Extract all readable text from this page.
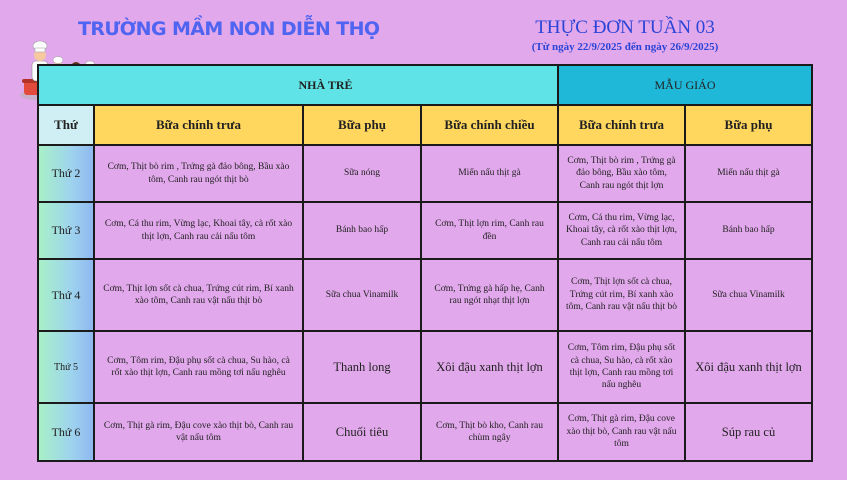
TRƯỜNG MẦM NON DIỄN THỌ	THỰC ĐƠN TUẦN 03
(Từ ngày 22/9/2025 đến ngày 26/9/2025)
	NHÀ TRẺ			MẪU GIÁO	
Thứ	Bữa chính trưa	Bữa phụ	Bữa chính chiều	Bữa chính trưa	Bữa phụ
Thứ 2	Cơm, Thịt bò rim , Trứng gà đảo bông, Bầu xào tôm, Canh rau ngót thịt bò	Sữa nóng	Miến nấu thịt gà	Cơm, Thịt bò rim , Trứng gà đảo bông, Bầu xào tôm, Canh rau ngót thịt lợn	Miến nấu thịt gà
Thứ 3	Cơm, Cá thu rim, Vừng lạc, Khoai tây, cà rốt xào thịt lợn, Canh rau cải nấu tôm	Bánh bao hấp	Cơm, Thịt lợn rim, Canh rau đền	Cơm, Cá thu rim, Vừng lạc, Khoai tây, cà rốt xào thịt lợn, Canh rau cải nấu tôm	Bánh bao hấp
Thứ 4	Cơm, Thịt lợn sốt cà chua, Trứng cút rim, Bí xanh xào tôm, Canh rau vật nấu thịt bò	Sữa chua Vinamilk	Cơm, Trứng gà hấp hẹ, Canh rau ngót nhạt thịt lợn	Cơm, Thịt lợn sốt cà chua, Trứng cút rim, Bí xanh xào tôm, Canh rau vật nấu thịt bò	Sữa chua Vinamilk
Thứ 5	Cơm, Tôm rim, Đậu phụ sốt cà chua, Su hào, cà rốt xào thịt lợn, Canh rau mồng tơi nấu nghêu	Thanh long	Xôi đậu xanh thịt lợn	Cơm, Tôm rim, Đậu phụ sốt cà chua, Su hào, cà rốt xào thịt lợn, Canh rau mồng tơi nấu nghêu	Xôi đậu xanh thịt lợn
Thứ 6	Cơm, Thịt gà rim, Đậu cove xào thịt bò, Canh rau vật nấu tôm	Chuối tiêu	Cơm, Thịt bò kho, Canh rau chùm ngây	Cơm, Thịt gà rim, Đậu cove xào thịt bò, Canh rau vật nấu tôm	Súp rau củ
